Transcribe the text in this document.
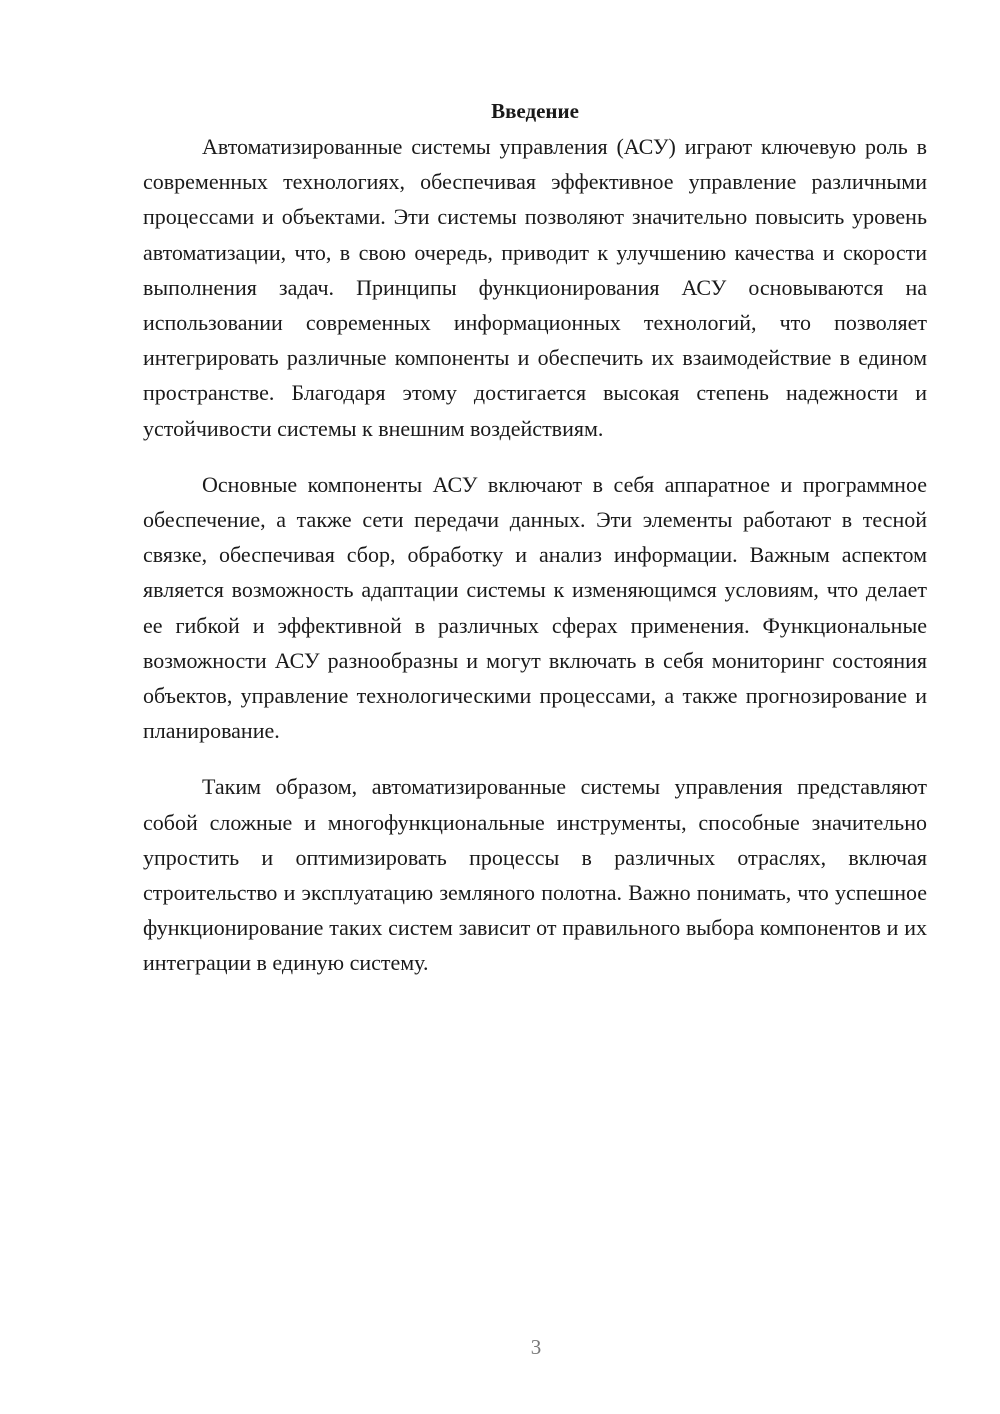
Введение

Автоматизированные системы управления (АСУ) играют ключевую роль в современных технологиях, обеспечивая эффективное управление различными процессами и объектами. Эти системы позволяют значительно повысить уровень автоматизации, что, в свою очередь, приводит к улучшению качества и скорости выполнения задач. Принципы функционирования АСУ основываются на использовании современных информационных технологий, что позволяет интегрировать различные компоненты и обеспечить их взаимодействие в едином пространстве. Благодаря этому достигается высокая степень надежности и устойчивости системы к внешним воздействиям.

Основные компоненты АСУ включают в себя аппаратное и программное обеспечение, а также сети передачи данных. Эти элементы работают в тесной связке, обеспечивая сбор, обработку и анализ информации. Важным аспектом является возможность адаптации системы к изменяющимся условиям, что делает ее гибкой и эффективной в различных сферах применения. Функциональные возможности АСУ разнообразны и могут включать в себя мониторинг состояния объектов, управление технологическими процессами, а также прогнозирование и планирование.

Таким образом, автоматизированные системы управления представляют собой сложные и многофункциональные инструменты, способные значительно упростить и оптимизировать процессы в различных отраслях, включая строительство и эксплуатацию земляного полотна. Важно понимать, что успешное функционирование таких систем зависит от правильного выбора компонентов и их интеграции в единую систему.

3
